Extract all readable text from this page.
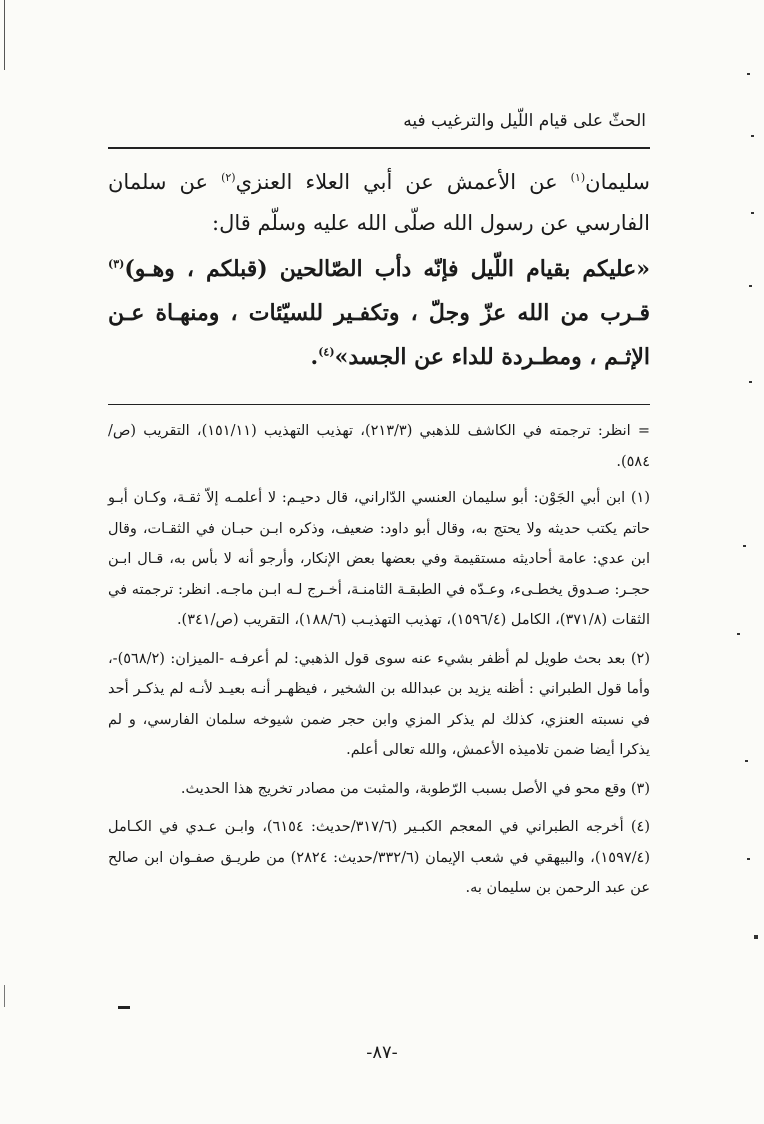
الحثّ على قيام اللّيل والترغيب فيه

سليمان$^{(١)}$ عن الأعمش عن أبي العلاء العنزي$^{(٢)}$ عن سلمان الفارسي عن رسول الله صلّى الله عليه وسلّم قال:

«عليكم بقيام اللّيل فإنّه دأب الصّالحين (قبلكم ، وهـو)$^{(٣)}$ قـرب من الله عزّ وجلّ ، وتكفـير للسيّئات ، ومنهـاة عـن الإثـم ، ومطـردة للداء عن الجسد»$^{(٤)}$.

= انظر: ترجمته في الكاشف للذهبي (٢١٣/٣)، تهذيب التهذيب (١٥١/١١)، التقريب (ص/٥٨٤).

(١) ابن أبي الجَوْن: أبو سليمان العنسي الدّاراني، قال دحيـم: لا أعلمـه إلاّ ثقـة، وكـان أبـو حاتم يكتب حديثه ولا يحتج به، وقال أبو داود: ضعيف، وذكره ابـن حبـان في الثقـات، وقال ابن عدي: عامة أحاديثه مستقيمة وفي بعضها بعض الإنكار، وأرجو أنه لا بأس به، قـال ابـن حجـر: صـدوق يخطـىء، وعـدّه في الطبقـة الثامنـة، أخـرج لـه ابـن ماجـه. انظر: ترجمته في الثقات (٣٧١/٨)، الكامل (١٥٩٦/٤)، تهذيب التهذيـب (١٨٨/٦)، التقريب (ص/٣٤١).

(٢) بعد بحث طويل لم أظفر بشيء عنه سوى قول الذهبي: لم أعرفـه -الميزان: (٥٦٨/٢)-، وأما قول الطبراني : أظنه يزيد بن عبدالله بن الشخير ، فيظهـر أنـه بعيـد لأنـه لم يذكـر أحد في نسبته العنزي، كذلك لم يذكر المزي وابن حجر ضمن شيوخه سلمان الفارسي، و لم يذكرا أيضا ضمن تلاميذه الأعمش، والله تعالى أعلم.

(٣) وقع محو في الأصل بسبب الرّطوبة، والمثبت من مصادر تخريج هذا الحديث.

(٤) أخرجه الطبراني في المعجم الكبـير (٣١٧/٦/حديث: ٦١٥٤)، وابـن عـدي في الكـامل (١٥٩٧/٤)، والبيهقي في شعب الإيمان (٣٣٢/٦/حديث: ٢٨٢٤) من طريـق صفـوان ابن صالح عن عبد الرحمن بن سليمان به.

-٨٧-
